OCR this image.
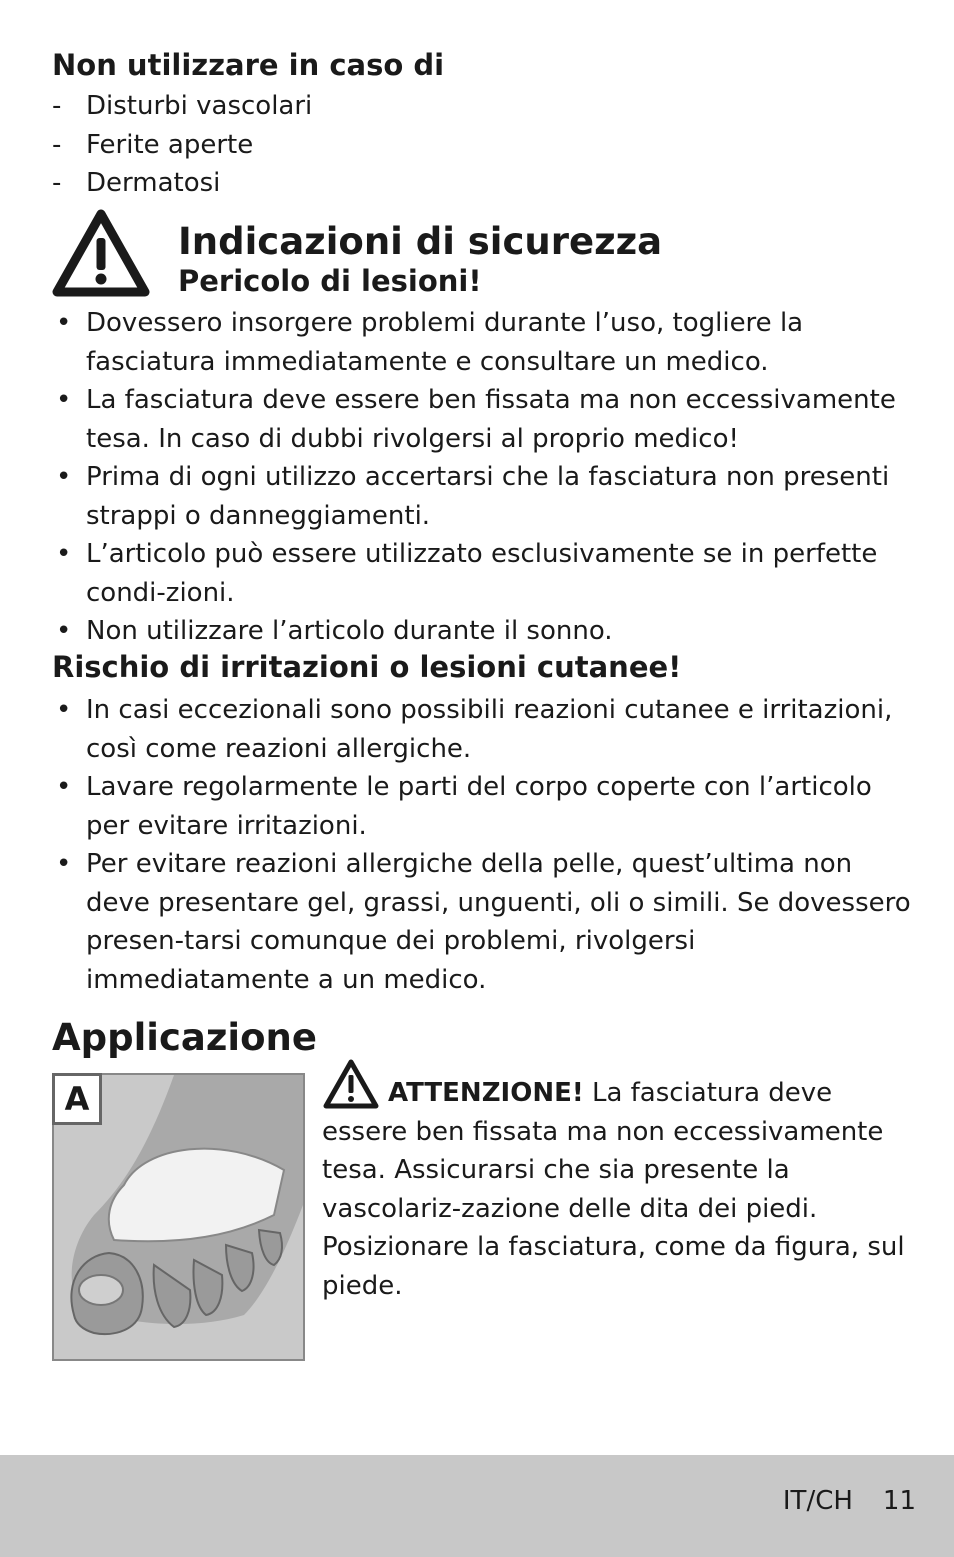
Non utilizzare in caso di
- Disturbi vascolari
- Ferite aperte
- Dermatosi
Indicazioni di sicurezza
Pericolo di lesioni!
• Dovessero insorgere problemi durante l’uso, togliere la fasciatura immediatamente e consultare un medico.
• La fasciatura deve essere ben fissata ma non eccessivamente tesa. In caso di dubbi rivolgersi al proprio medico!
• Prima di ogni utilizzo accertarsi che la fasciatura non presenti strappi o danneggiamenti.
• L’articolo può essere utilizzato esclusivamente se in perfette condi-zioni.
• Non utilizzare l’articolo durante il sonno.
Rischio di irritazioni o lesioni cutanee!
• In casi eccezionali sono possibili reazioni cutanee e irritazioni, così come reazioni allergiche.
• Lavare regolarmente le parti del corpo coperte con l’articolo per evitare irritazioni.
• Per evitare reazioni allergiche della pelle, quest’ultima non deve presentare gel, grassi, unguenti, oli o simili. Se dovessero presen-tarsi comunque dei problemi, rivolgersi immediatamente a un medico.
Applicazione
A	ATTENZIONE! La fasciatura deve essere ben fissata ma non eccessivamente tesa. Assicurarsi che sia presente la vascolariz-zazione delle dita dei piedi. Posizionare la fasciatura, come da figura, sul piede.

IT/CH 11
